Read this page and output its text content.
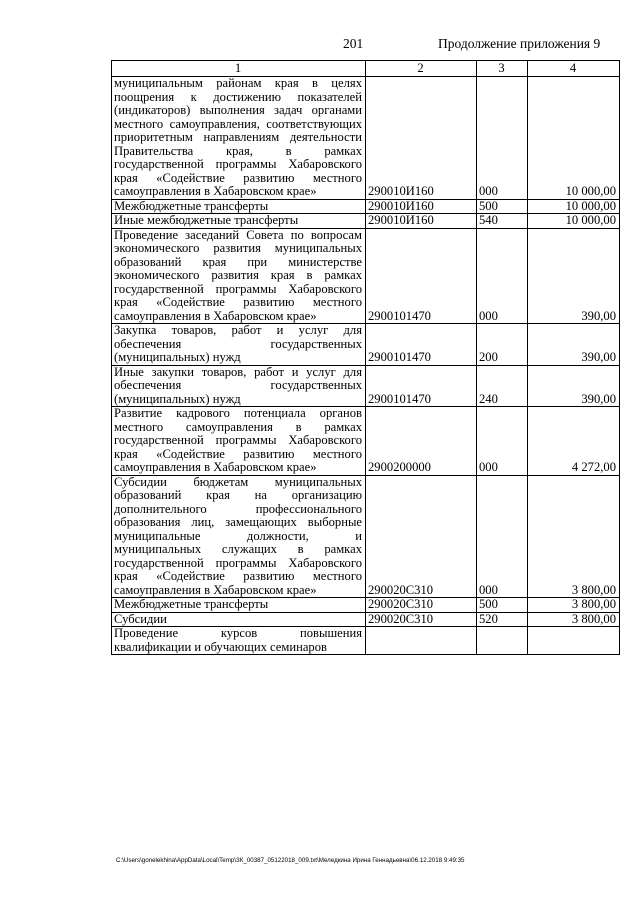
201	Продолжение приложения 9
1	2	3	4
муниципальным районам края в целях поощрения к достижению показателей (индикаторов) выполнения задач органами местного самоуправления, соответствующих приоритетным направлениям деятельности Правительства края, в рамках государственной программы Хабаровского края «Содействие развитию местного самоуправления в Хабаровском крае»	290010И160	000	10 000,00
Межбюджетные трансферты	290010И160	500	10 000,00
Иные межбюджетные трансферты	290010И160	540	10 000,00
Проведение заседаний Совета по вопросам экономического развития муниципальных образований края при министерстве экономического развития края в рамках государственной программы Хабаровского края «Содействие развитию местного самоуправления в Хабаровском крае»	2900101470	000	390,00
Закупка товаров, работ и услуг для обеспечения государственных (муниципальных) нужд	2900101470	200	390,00
Иные закупки товаров, работ и услуг для обеспечения государственных (муниципальных) нужд	2900101470	240	390,00
Развитие кадрового потенциала органов местного самоуправления в рамках государственной программы Хабаровского края «Содействие развитию местного самоуправления в Хабаровском крае»	2900200000	000	4 272,00
Субсидии бюджетам муниципальных образований края на организацию дополнительного профессионального образования лиц, замещающих выборные муниципальные должности, и муниципальных служащих в рамках государственной программы Хабаровского края «Содействие развитию местного самоуправления в Хабаровском крае»	290020С310	000	3 800,00
Межбюджетные трансферты	290020С310	500	3 800,00
Субсидии	290020С310	520	3 800,00
Проведение курсов повышения квалификации и обучающих семинаров			
C:\Users\gonelekhina\AppData\Local\Temp\ЗК_00387_05122018_009.txt\Меледкина Ирина Геннадьевна\06.12.2018 9:49:35
